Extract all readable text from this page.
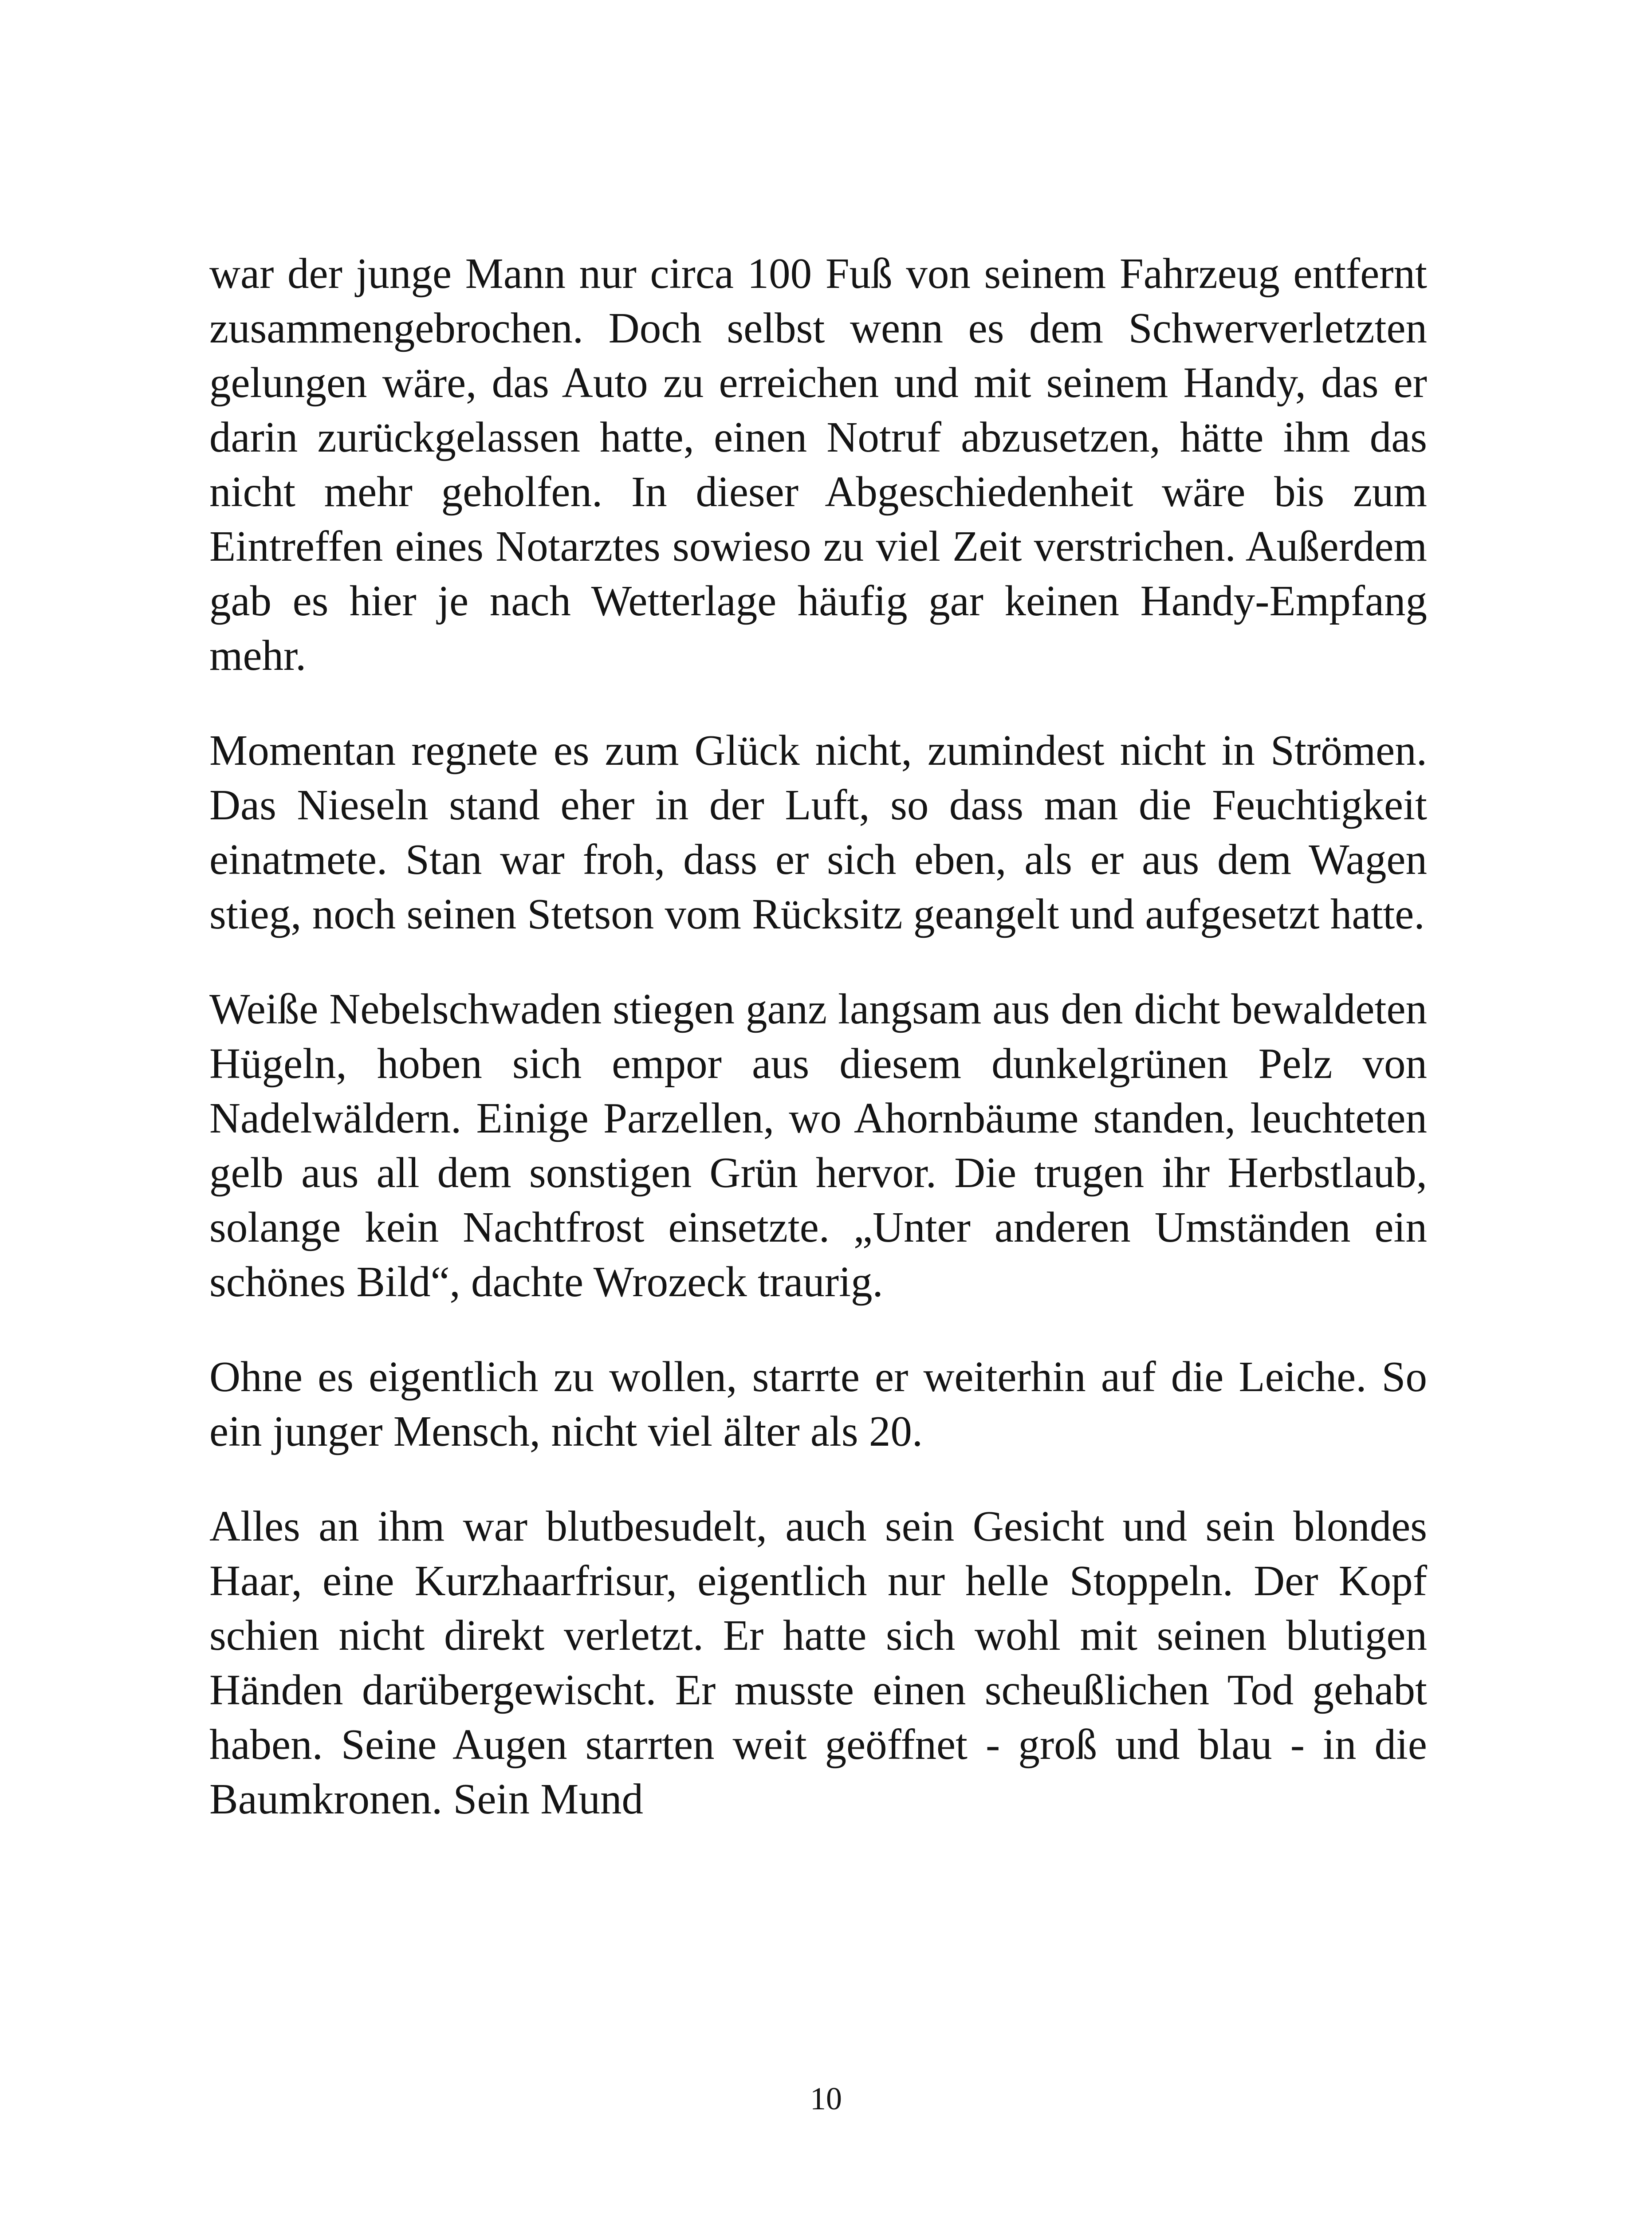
war der junge Mann nur circa 100 Fuß von seinem Fahrzeug entfernt zusammengebrochen. Doch selbst wenn es dem Schwerverletzten gelungen wäre, das Auto zu erreichen und mit seinem Handy, das er darin zurückgelassen hatte, einen Notruf abzusetzen, hätte ihm das nicht mehr geholfen. In dieser Abgeschiedenheit wäre bis zum Eintreffen eines Notarztes sowieso zu viel Zeit verstrichen. Außerdem gab es hier je nach Wetterlage häufig gar keinen Handy-Empfang mehr.

Momentan regnete es zum Glück nicht, zumindest nicht in Strömen. Das Nieseln stand eher in der Luft, so dass man die Feuchtigkeit einatmete. Stan war froh, dass er sich eben, als er aus dem Wagen stieg, noch seinen Stetson vom Rücksitz geangelt und aufgesetzt hatte.

Weiße Nebelschwaden stiegen ganz langsam aus den dicht bewaldeten Hügeln, hoben sich empor aus diesem dunkelgrünen Pelz von Nadelwäldern. Einige Parzellen, wo Ahornbäume standen, leuchteten gelb aus all dem sonstigen Grün hervor. Die trugen ihr Herbstlaub, solange kein Nachtfrost einsetzte. „Unter anderen Umständen ein schönes Bild“, dachte Wrozeck traurig.

Ohne es eigentlich zu wollen, starrte er weiterhin auf die Leiche. So ein junger Mensch, nicht viel älter als 20.

Alles an ihm war blutbesudelt, auch sein Gesicht und sein blondes Haar, eine Kurzhaarfrisur, eigentlich nur helle Stoppeln. Der Kopf schien nicht direkt verletzt. Er hatte sich wohl mit seinen blutigen Händen darübergewischt. Er musste einen scheußlichen Tod gehabt haben. Seine Augen starrten weit geöffnet - groß und blau - in die Baumkronen. Sein Mund

10
